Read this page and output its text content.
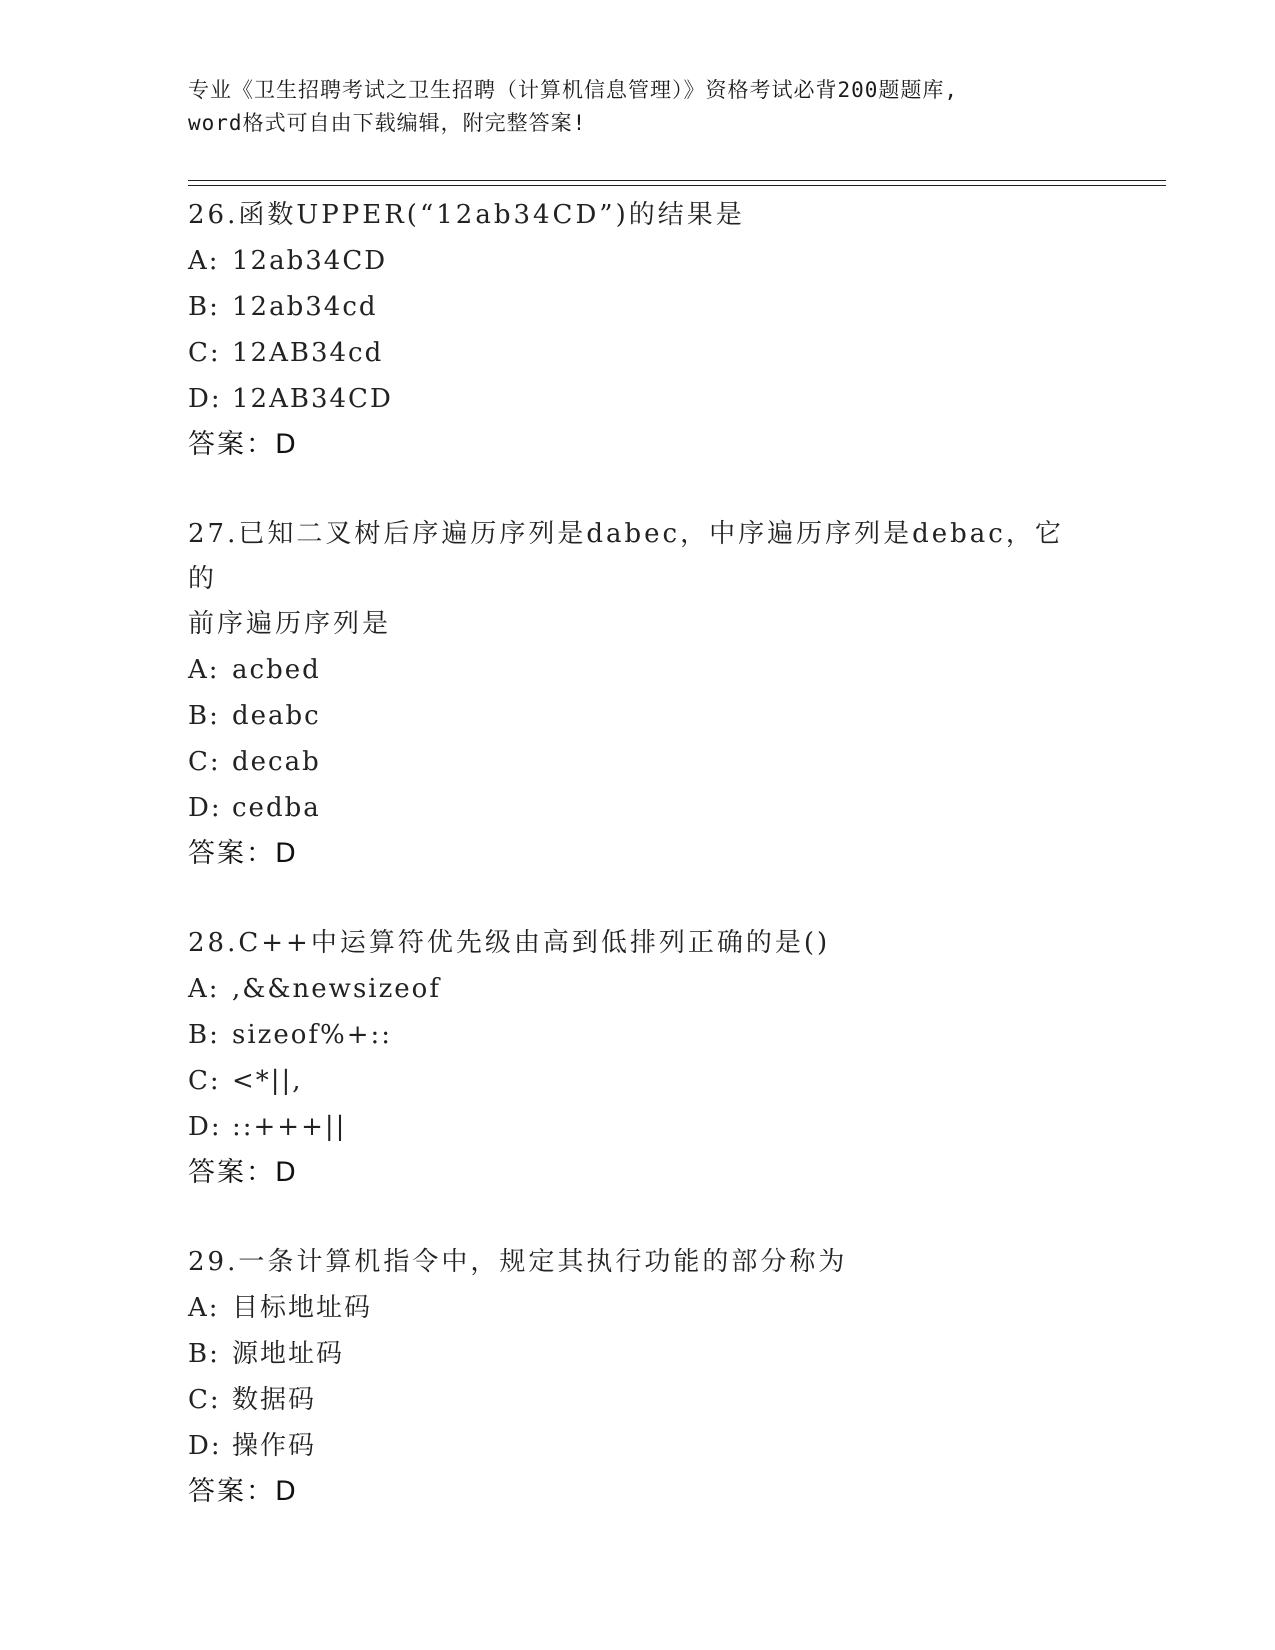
专业《卫生招聘考试之卫生招聘（计算机信息管理）》资格考试必背200题题库,
word格式可自由下载编辑，附完整答案!
26.函数UPPER(“12ab34CD”)的结果是
A: 12ab34CD
B: 12ab34cd
C: 12AB34cd
D: 12AB34CD
答案：D
27.已知二叉树后序遍历序列是dabec，中序遍历序列是debac，它的
前序遍历序列是
A: acbed
B: deabc
C: decab
D: cedba
答案：D
28.C++中运算符优先级由高到低排列正确的是()
A: ,&&newsizeof
B: sizeof%+::
C: <*||,
D: ::+++||
答案：D
29.一条计算机指令中，规定其执行功能的部分称为
A: 目标地址码
B: 源地址码
C: 数据码
D: 操作码
答案：D
